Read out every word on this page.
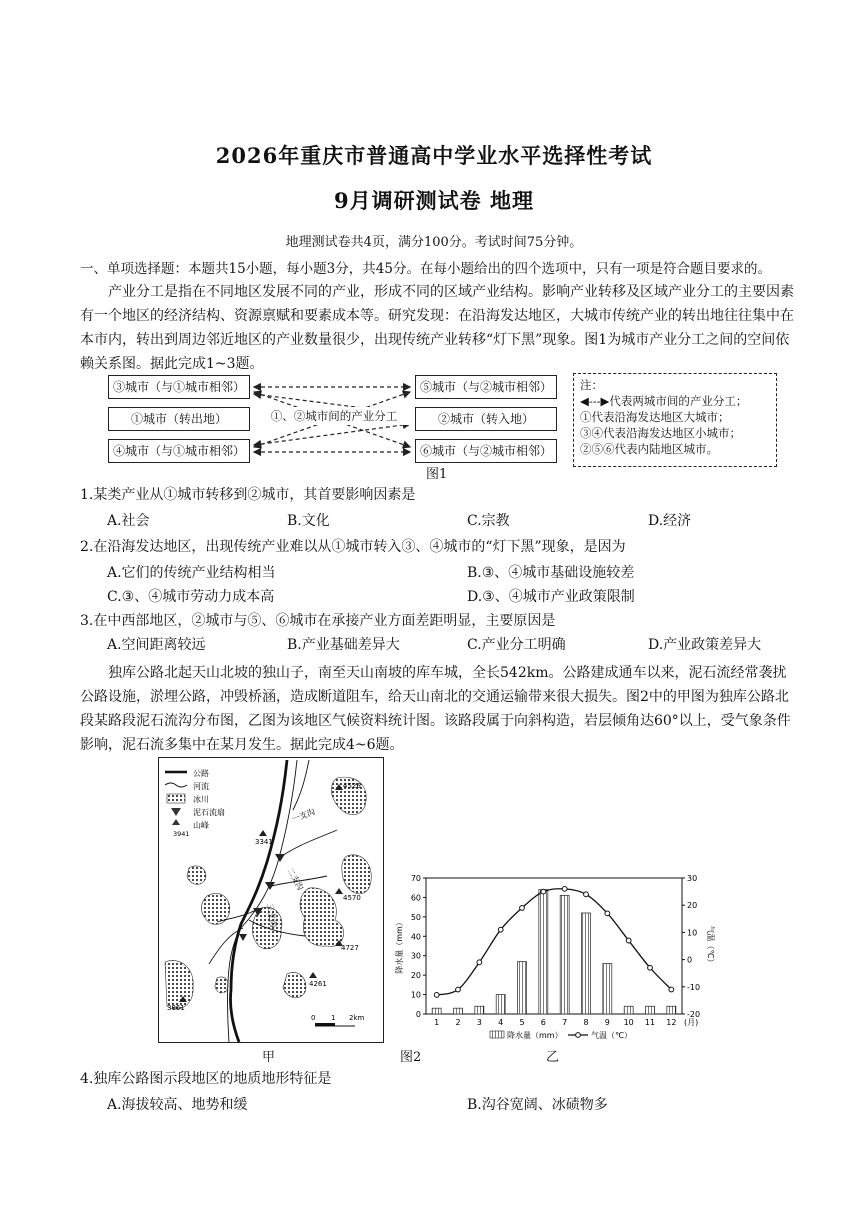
2026年重庆市普通高中学业水平选择性考试
9月调研测试卷 地理
地理测试卷共4页，满分100分。考试时间75分钟。
一、单项选择题：本题共15小题，每小题3分，共45分。在每小题给出的四个选项中，只有一项是符合题目要求的。
产业分工是指在不同地区发展不同的产业，形成不同的区域产业结构。影响产业转移及区域产业分工的主要因素有一个地区的经济结构、资源禀赋和要素成本等。研究发现：在沿海发达地区，大城市传统产业的转出地往往集中在本市内，转出到周边邻近地区的产业数量很少，出现传统产业转移“灯下黑”现象。图1为城市产业分工之间的空间依赖关系图。据此完成1~3题。
③城市（与①城市相邻）
①城市（转出地）
④城市（与①城市相邻）
⑤城市（与②城市相邻）
②城市（转入地）
⑥城市（与②城市相邻）
①、②城市间的产业分工
注：
◀---▶代表两城市间的产业分工；
①代表沿海发达地区大城市；
③④代表沿海发达地区小城市；
②⑤⑥代表内陆地区城市。
图1
1.某类产业从①城市转移到②城市，其首要影响因素是
A.社会	B.文化	C.宗教	D.经济
2.在沿海发达地区，出现传统产业难以从①城市转入③、④城市的“灯下黑”现象，是因为
A.它们的传统产业结构相当	B.③、④城市基础设施较差
C.③、④城市劳动力成本高	D.③、④城市产业政策限制
3.在中西部地区，②城市与⑤、⑥城市在承接产业方面差距明显，主要原因是
A.空间距离较远	B.产业基础差异大	C.产业分工明确	D.产业政策差异大
独库公路北起天山北坡的独山子，南至天山南坡的库车城，全长542km。公路建成通车以来，泥石流经常袭扰公路设施，淤埋公路，冲毁桥涵，造成断道阻车，给天山南北的交通运输带来很大损失。图2中的甲图为独库公路北段某路段泥石流沟分布图，乙图为该地区气候资料统计图。该路段属于向斜构造，岩层倾角达60°以上，受气象条件影响，泥石流多集中在某月发生。据此完成4~6题。
公路
河流
冰川
泥石流扇
山峰
3941
4526
3341
4570
4727
4261
3961
一支沟
二支沟
三支沟
0 1 2km
甲
0
10
20
30
40
50
60
70
-20
-10
0
10
20
30
1 2 3 4 5 6 7 8 9 10 11 12 (月)
降水量（mm）	气温（℃）
降水量（mm）	气温（℃）
图2	乙
4.独库公路图示段地区的地质地形特征是
A.海拔较高、地势和缓	B.沟谷宽阔、冰碛物多
